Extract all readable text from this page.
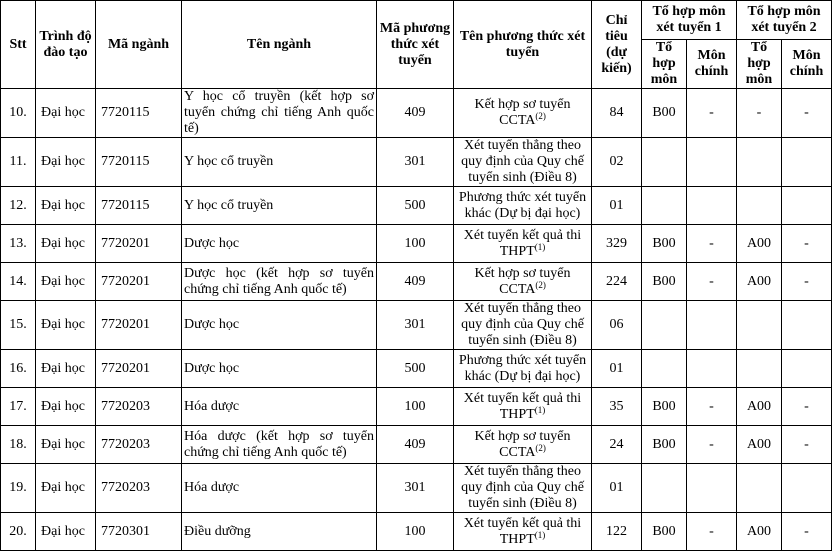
Stt	Trình độ đào tạo	Mã ngành	Tên ngành	Mã phương thức xét tuyển	Tên phương thức xét tuyển	Chỉ tiêu (dự kiến)	Tổ hợp môn xét tuyển 1		Tổ hợp môn xét tuyển 2	
							Tổ hợp môn	Môn chính	Tổ hợp môn	Môn chính
10.	Đại học	7720115	Y học cổ truyền (kết hợp sơ tuyển chứng chỉ tiếng Anh quốc tế)	409	Kết hợp sơ tuyển CCTA$^{(2)}$	84	B00	-	-	-
11.	Đại học	7720115	Y học cổ truyền	301	Xét tuyển thẳng theo quy định của Quy chế tuyển sinh (Điều 8)	02				
12.	Đại học	7720115	Y học cổ truyền	500	Phương thức xét tuyển khác (Dự bị đại học)	01				
13.	Đại học	7720201	Dược học	100	Xét tuyển kết quả thi THPT$^{(1)}$	329	B00	-	A00	-
14.	Đại học	7720201	Dược học (kết hợp sơ tuyển chứng chỉ tiếng Anh quốc tế)	409	Kết hợp sơ tuyển CCTA$^{(2)}$	224	B00	-	A00	-
15.	Đại học	7720201	Dược học	301	Xét tuyển thẳng theo quy định của Quy chế tuyển sinh (Điều 8)	06				
16.	Đại học	7720201	Dược học	500	Phương thức xét tuyển khác (Dự bị đại học)	01				
17.	Đại học	7720203	Hóa dược	100	Xét tuyển kết quả thi THPT$^{(1)}$	35	B00	-	A00	-
18.	Đại học	7720203	Hóa dược (kết hợp sơ tuyển chứng chỉ tiếng Anh quốc tế)	409	Kết hợp sơ tuyển CCTA$^{(2)}$	24	B00	-	A00	-
19.	Đại học	7720203	Hóa dược	301	Xét tuyển thẳng theo quy định của Quy chế tuyển sinh (Điều 8)	01				
20.	Đại học	7720301	Điều dưỡng	100	Xét tuyển kết quả thi THPT$^{(1)}$	122	B00	-	A00	-
